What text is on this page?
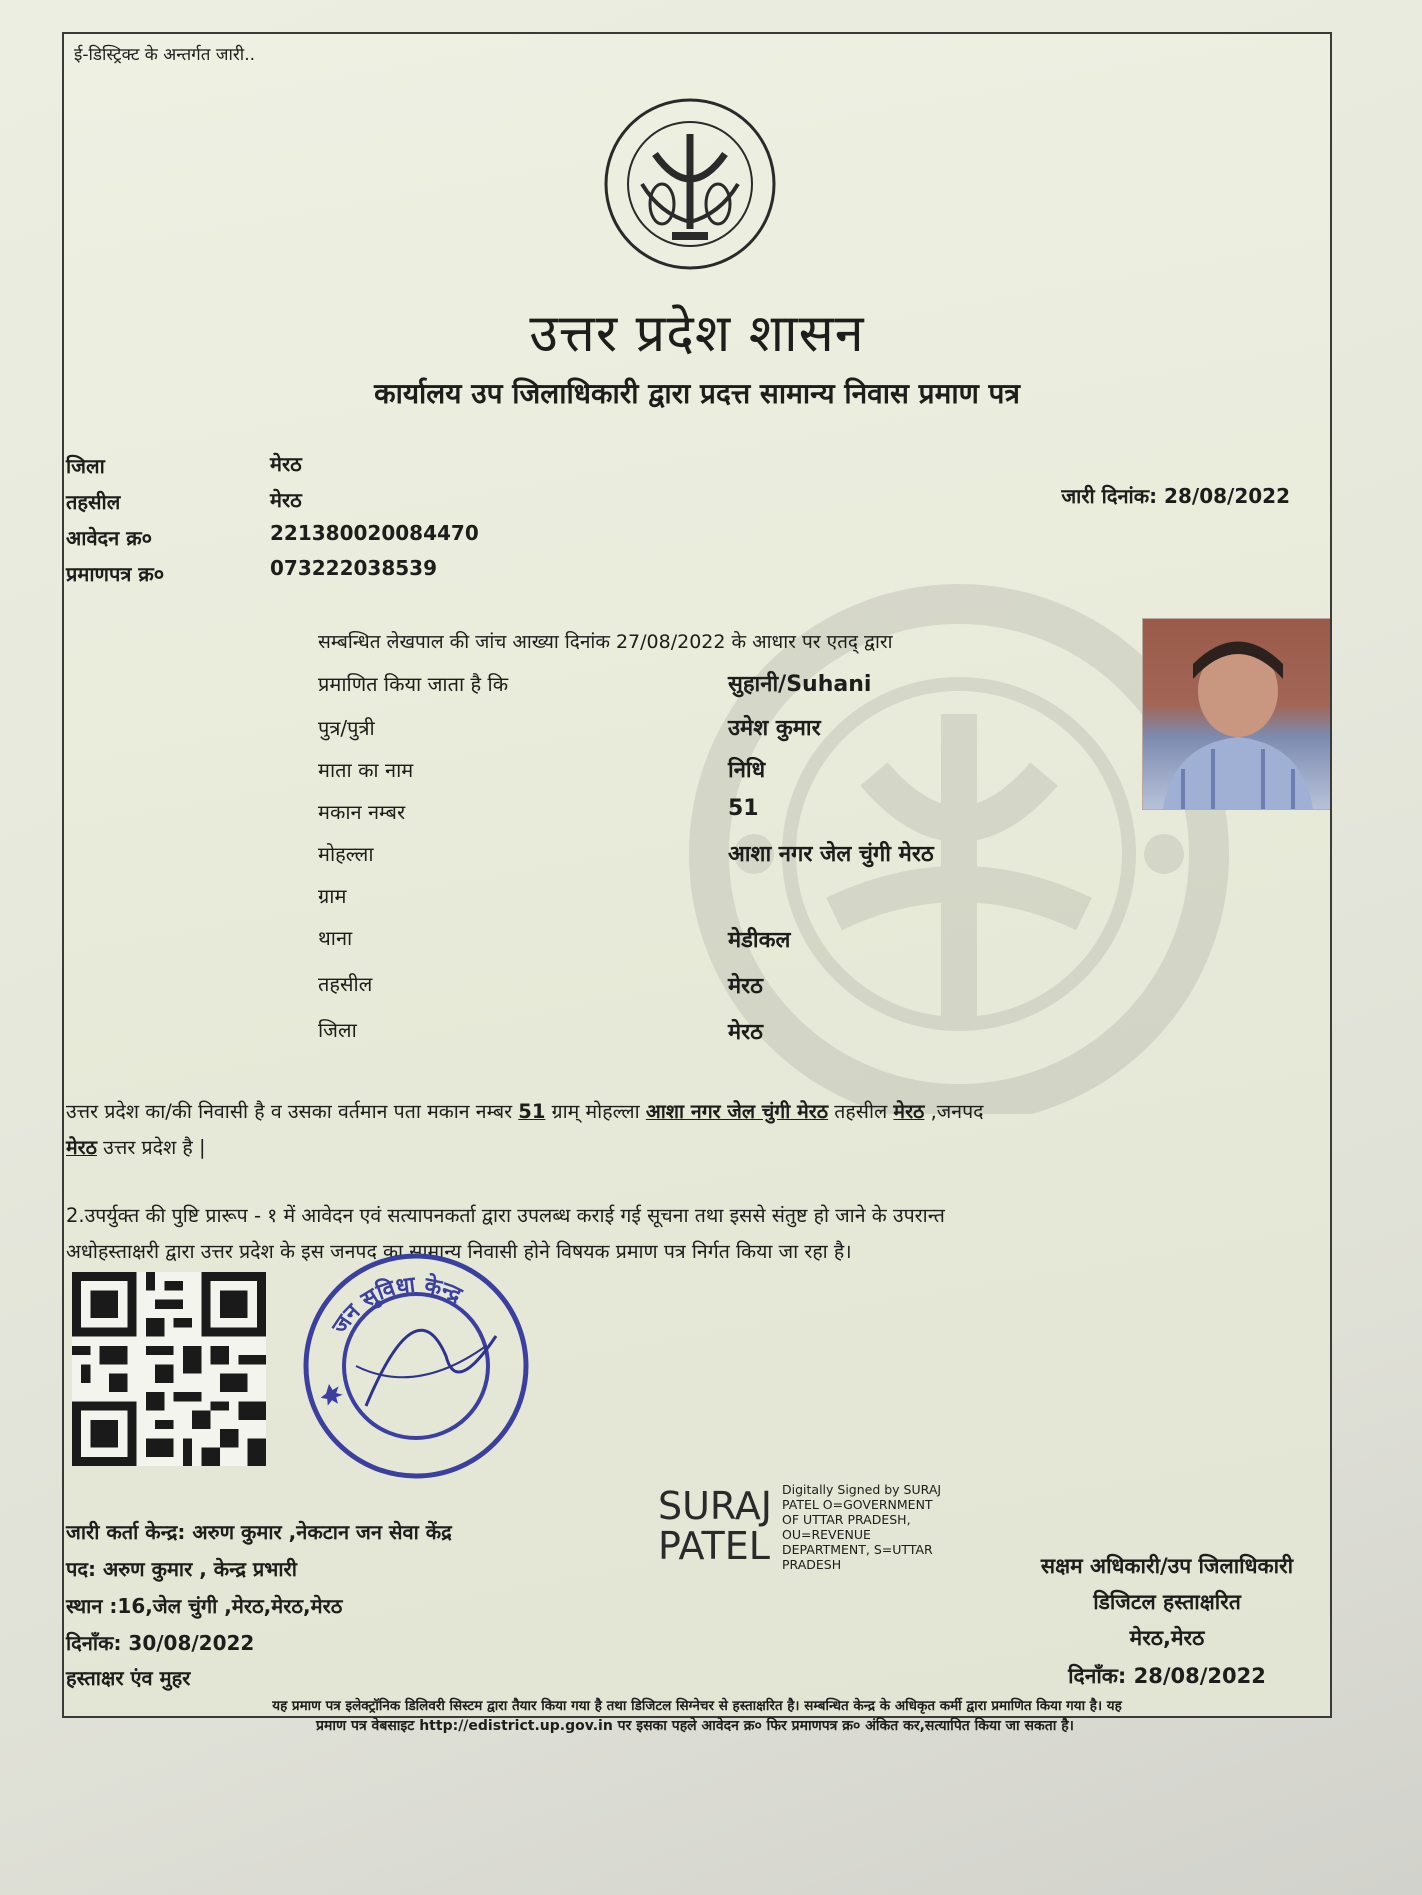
ई-डिस्ट्रिक्ट के अन्तर्गत जारी..
उत्तर प्रदेश शासन
कार्यालय उप जिलाधिकारी द्वारा प्रदत्त सामान्य निवास प्रमाण पत्र
जिला	मेरठ
तहसील	मेरठ
आवेदन क्र०	221380020084470
प्रमाणपत्र क्र०	073222038539
जारी दिनांक: 28/08/2022
सम्बन्धित लेखपाल की जांच आख्या दिनांक 27/08/2022 के आधार पर एतद् द्वारा
प्रमाणित किया जाता है कि	सुहानी/Suhani
पुत्र/पुत्री	उमेश कुमार
माता का नाम	निधि
मकान नम्बर	51
मोहल्ला	आशा नगर जेल चुंगी मेरठ
ग्राम
थाना	मेडीकल
तहसील	मेरठ
जिला	मेरठ
उत्तर प्रदेश का/की निवासी है व उसका वर्तमान पता मकान नम्बर 51 ग्राम् मोहल्ला आशा नगर जेल चुंगी मेरठ तहसील मेरठ ,जनपद
मेरठ उत्तर प्रदेश है |
2.उपर्युक्त की पुष्टि प्रारूप - १ में आवेदन एवं सत्यापनकर्ता द्वारा उपलब्ध कराई गई सूचना तथा इससे संतुष्ट हो जाने के उपरान्त
अधोहस्ताक्षरी द्वारा उत्तर प्रदेश के इस जनपद का सामान्य निवासी होने विषयक प्रमाण पत्र निर्गत किया जा रहा है।
जन सुविधा केन्द्र
जारी कर्ता केन्द्र: अरुण कुमार ,नेकटान जन सेवा केंद्र
पद: अरुण कुमार , केन्द्र प्रभारी
स्थान :16,जेल चुंगी ,मेरठ,मेरठ,मेरठ
दिनाँक: 30/08/2022
हस्ताक्षर एंव मुहर
SURAJ
PATEL
Digitally Signed by SURAJ
PATEL O=GOVERNMENT
OF UTTAR PRADESH,
OU=REVENUE
DEPARTMENT, S=UTTAR
PRADESH	सक्षम अधिकारी/उप जिलाधिकारी
डिजिटल हस्ताक्षरित
मेरठ,मेरठ
दिनाँक: 28/08/2022
यह प्रमाण पत्र इलेक्ट्रॉनिक डिलिवरी सिस्टम द्वारा तैयार किया गया है तथा डिजिटल सिग्नेचर से हस्ताक्षरित है। सम्बन्धित केन्द्र के अधिकृत कर्मी द्वारा प्रमाणित किया गया है। यह
प्रमाण पत्र वेबसाइट http://edistrict.up.gov.in पर इसका पहले आवेदन क्र० फिर प्रमाणपत्र क्र० अंकित कर,सत्यापित किया जा सकता है।
